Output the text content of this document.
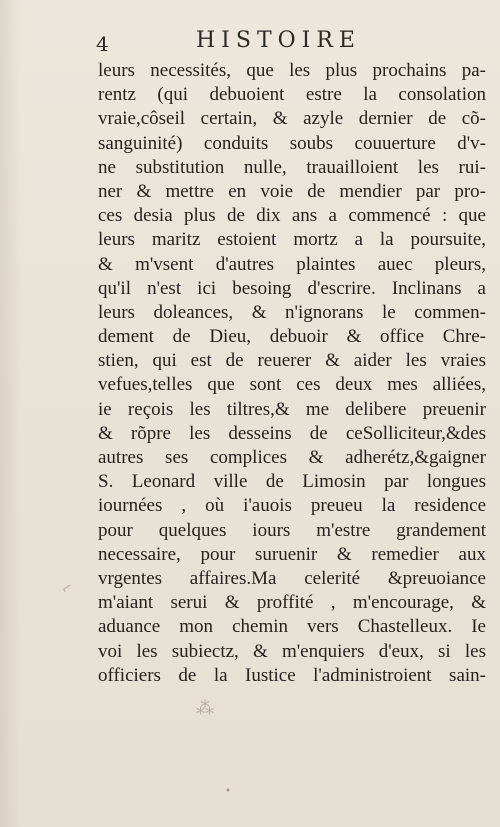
4	HISTOIRE
leurs necessités, que les plus prochains pa-
rentz (qui debuoient estre la consolation
vraie,côseil certain, & azyle dernier de cõ-
sanguinité) conduits soubs couuerture d'v-
ne substitution nulle, trauailloient les rui-
ner & mettre en voie de mendier par pro-
ces desia plus de dix ans a commencé : que
leurs maritz estoient mortz a la poursuite,
& m'vsent d'autres plaintes auec pleurs,
qu'il n'est ici besoing d'escrire. Inclinans a
leurs doleances, & n'ignorans le commen-
dement de Dieu, debuoir & office Chre-
stien, qui est de reuerer & aider les vraies
vefues,telles que sont ces deux mes alliées,
ie reçois les tiltres,& me delibere preuenir
& rõpre les desseins de ceSolliciteur,&des
autres ses complices & adherétz,&gaigner
S. Leonard ville de Limosin par longues
iournées , où i'auois preueu la residence
pour quelques iours m'estre grandement
necessaire, pour suruenir & remedier aux
vrgentes affaires.Ma celerité &preuoiance
m'aiant serui & proffité , m'encourage, &
aduance mon chemin vers Chastelleux. Ie
voi les subiectz, & m'enquiers d'eux, si les
officiers de la Iustice l'administroient sain-
⁂
•
⌐
